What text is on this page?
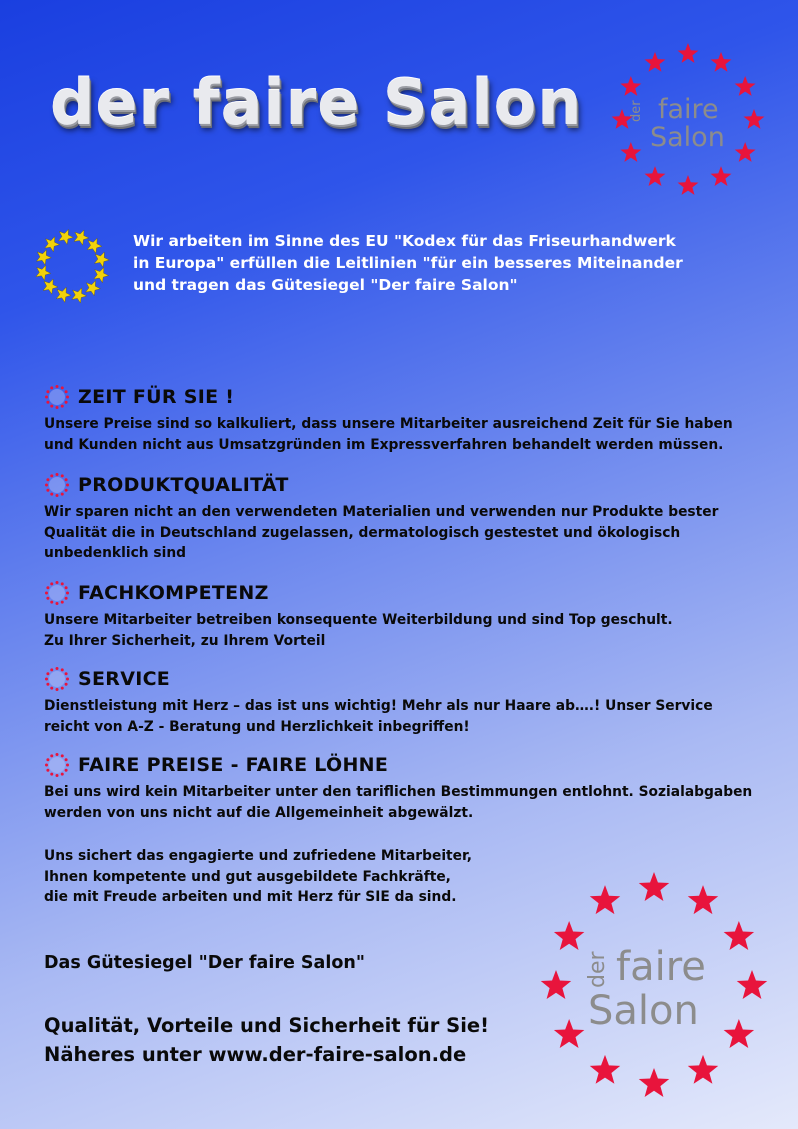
der faire Salon	der faire
Salon

Wir arbeiten im Sinne des EU "Kodex für das Friseurhandwerk
in Europa" erfüllen die Leitlinien "für ein besseres Miteinander
und tragen das Gütesiegel "Der faire Salon"

ZEIT FÜR SIE !

Unsere Preise sind so kalkuliert, dass unsere Mitarbeiter ausreichend Zeit für Sie haben
und Kunden nicht aus Umsatzgründen im Expressverfahren behandelt werden müssen.

PRODUKTQUALITÄT

Wir sparen nicht an den verwendeten Materialien und verwenden nur Produkte bester
Qualität die in Deutschland zugelassen, dermatologisch gestestet und ökologisch
unbedenklich sind

FACHKOMPETENZ

Unsere Mitarbeiter betreiben konsequente Weiterbildung und sind Top geschult.
Zu Ihrer Sicherheit, zu Ihrem Vorteil

SERVICE

Dienstleistung mit Herz – das ist uns wichtig! Mehr als nur Haare ab….! Unser Service
reicht von A-Z - Beratung und Herzlichkeit inbegriffen!

FAIRE PREISE - FAIRE LÖHNE

Bei uns wird kein Mitarbeiter unter den tariflichen Bestimmungen entlohnt. Sozialabgaben
werden von uns nicht auf die Allgemeinheit abgewälzt.

Uns sichert das engagierte und zufriedene Mitarbeiter,
Ihnen kompetente und gut ausgebildete Fachkräfte,
die mit Freude arbeiten und mit Herz für SIE da sind.

Das Gütesiegel "Der faire Salon"

Qualität, Vorteile und Sicherheit für Sie!

Näheres unter www.der-faire-salon.de

der faire
Salon
